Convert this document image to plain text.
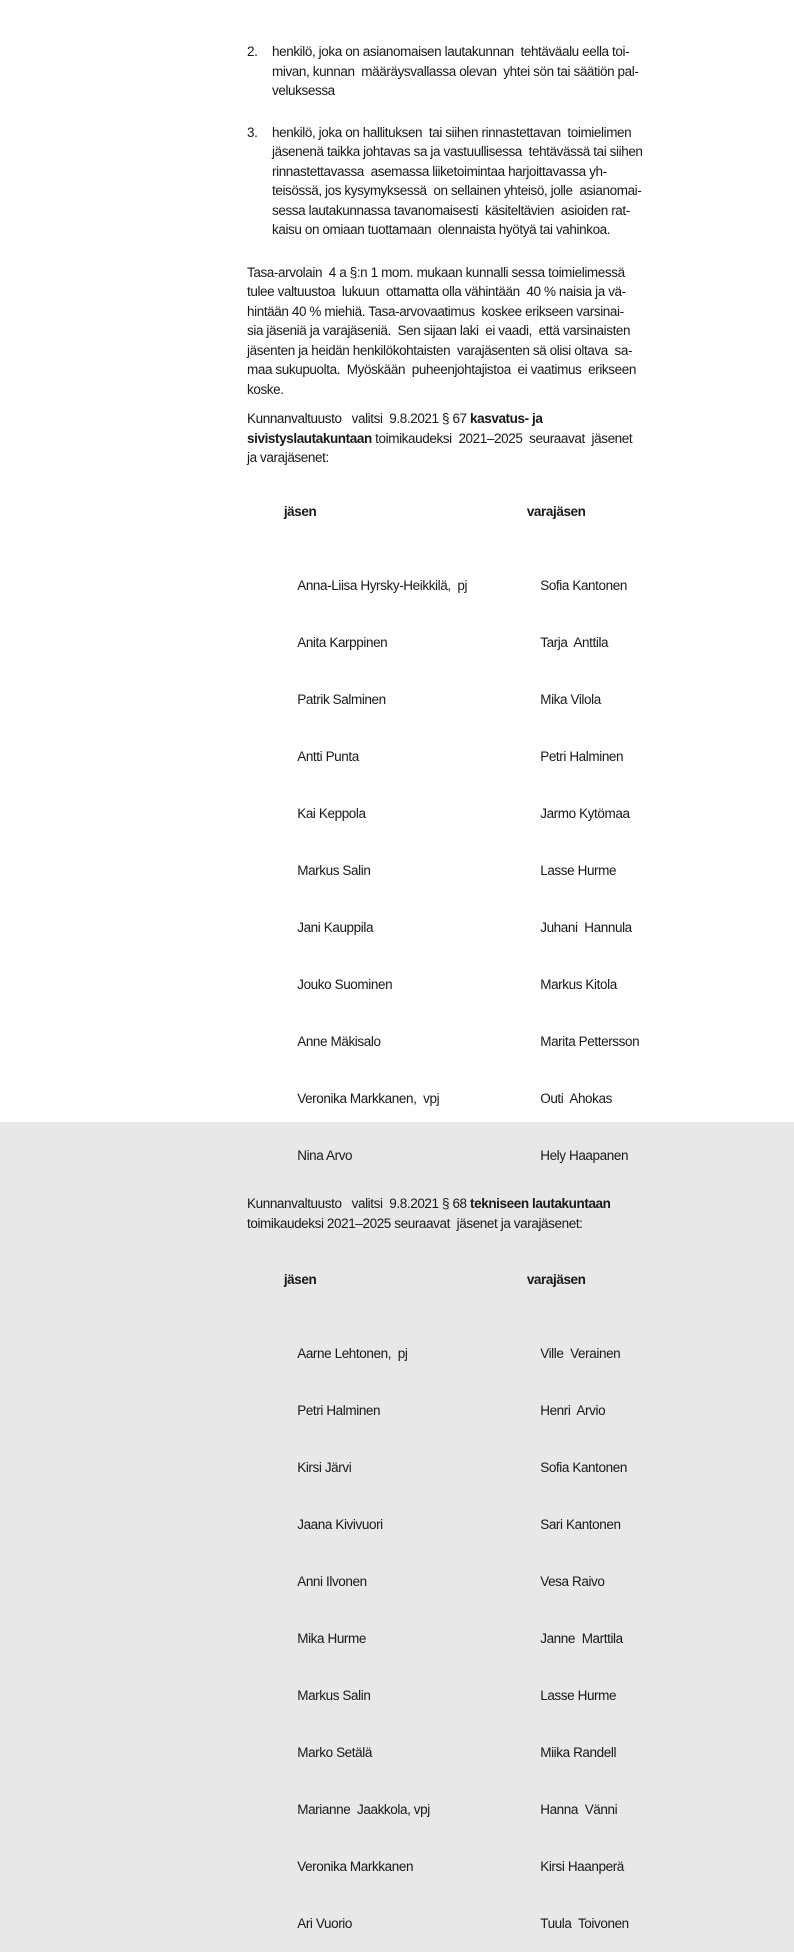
2.	henkilö, joka on asianomaisen lautakunnan  tehtäväalu eella toi-
mivan, kunnan  määräysvallassa olevan  yhtei sön tai säätiön pal-
veluksessa
3.	henkilö, joka on hallituksen  tai siihen rinnastettavan  toimielimen
jäsenenä taikka johtavas sa ja vastuullisessa  tehtävässä tai siihen
rinnastettavassa  asemassa liiketoimintaa harjoittavassa yh-
teisössä, jos kysymyksessä  on sellainen yhteisö, jolle  asianomai-
sessa lautakunnassa tavanomaisesti  käsiteltävien  asioiden rat-
kaisu on omiaan tuottamaan  olennaista hyötyä tai vahinkoa.
Tasa-arvolain  4 a §:n 1 mom. mukaan kunnalli sessa toimielimessä
tulee valtuustoa  lukuun  ottamatta olla vähintään  40 % naisia ja vä-
hintään 40 % miehiä. Tasa-arvovaatimus  koskee erikseen varsinai-
sia jäseniä ja varajäseniä.  Sen sijaan laki  ei vaadi,  että varsinaisten
jäsenten ja heidän henkilökohtaisten  varajäsenten sä olisi oltava  sa-
maa sukupuolta.  Myöskään  puheenjohtajistoa  ei vaatimus  erikseen
koske.
Kunnanvaltuusto   valitsi  9.8.2021 § 67 kasvatus- ja
sivistyslautakuntaan toimikaudeksi  2021–2025  seuraavat  jäsenet
ja varajäsenet:

jäsen	varajäsen

Anna-Liisa Hyrsky-Heikkilä,  pj	Sofia Kantonen

Anita Karppinen	Tarja  Anttila

Patrik Salminen	Mika Vilola

Antti Punta	Petri Halminen

Kai Keppola	Jarmo Kytömaa

Markus Salin	Lasse Hurme

Jani Kauppila	Juhani  Hannula

Jouko Suominen	Markus Kitola

Anne Mäkisalo	Marita Pettersson

Veronika Markkanen,  vpj	Outi  Ahokas

Nina Arvo	Hely Haapanen

Kunnanvaltuusto   valitsi  9.8.2021 § 68 tekniseen lautakuntaan
toimikaudeksi 2021–2025 seuraavat  jäsenet ja varajäsenet:

jäsen	varajäsen

Aarne Lehtonen,  pj	Ville  Verainen

Petri Halminen	Henri  Arvio

Kirsi Järvi	Sofia Kantonen

Jaana Kivivuori	Sari Kantonen

Anni Ilvonen	Vesa Raivo

Mika Hurme	Janne  Marttila

Markus Salin	Lasse Hurme

Marko Setälä	Miika Randell

Marianne  Jaakkola, vpj	Hanna  Vänni

Veronika Markkanen	Kirsi Haanperä

Ari Vuorio	Tuula  Toivonen
